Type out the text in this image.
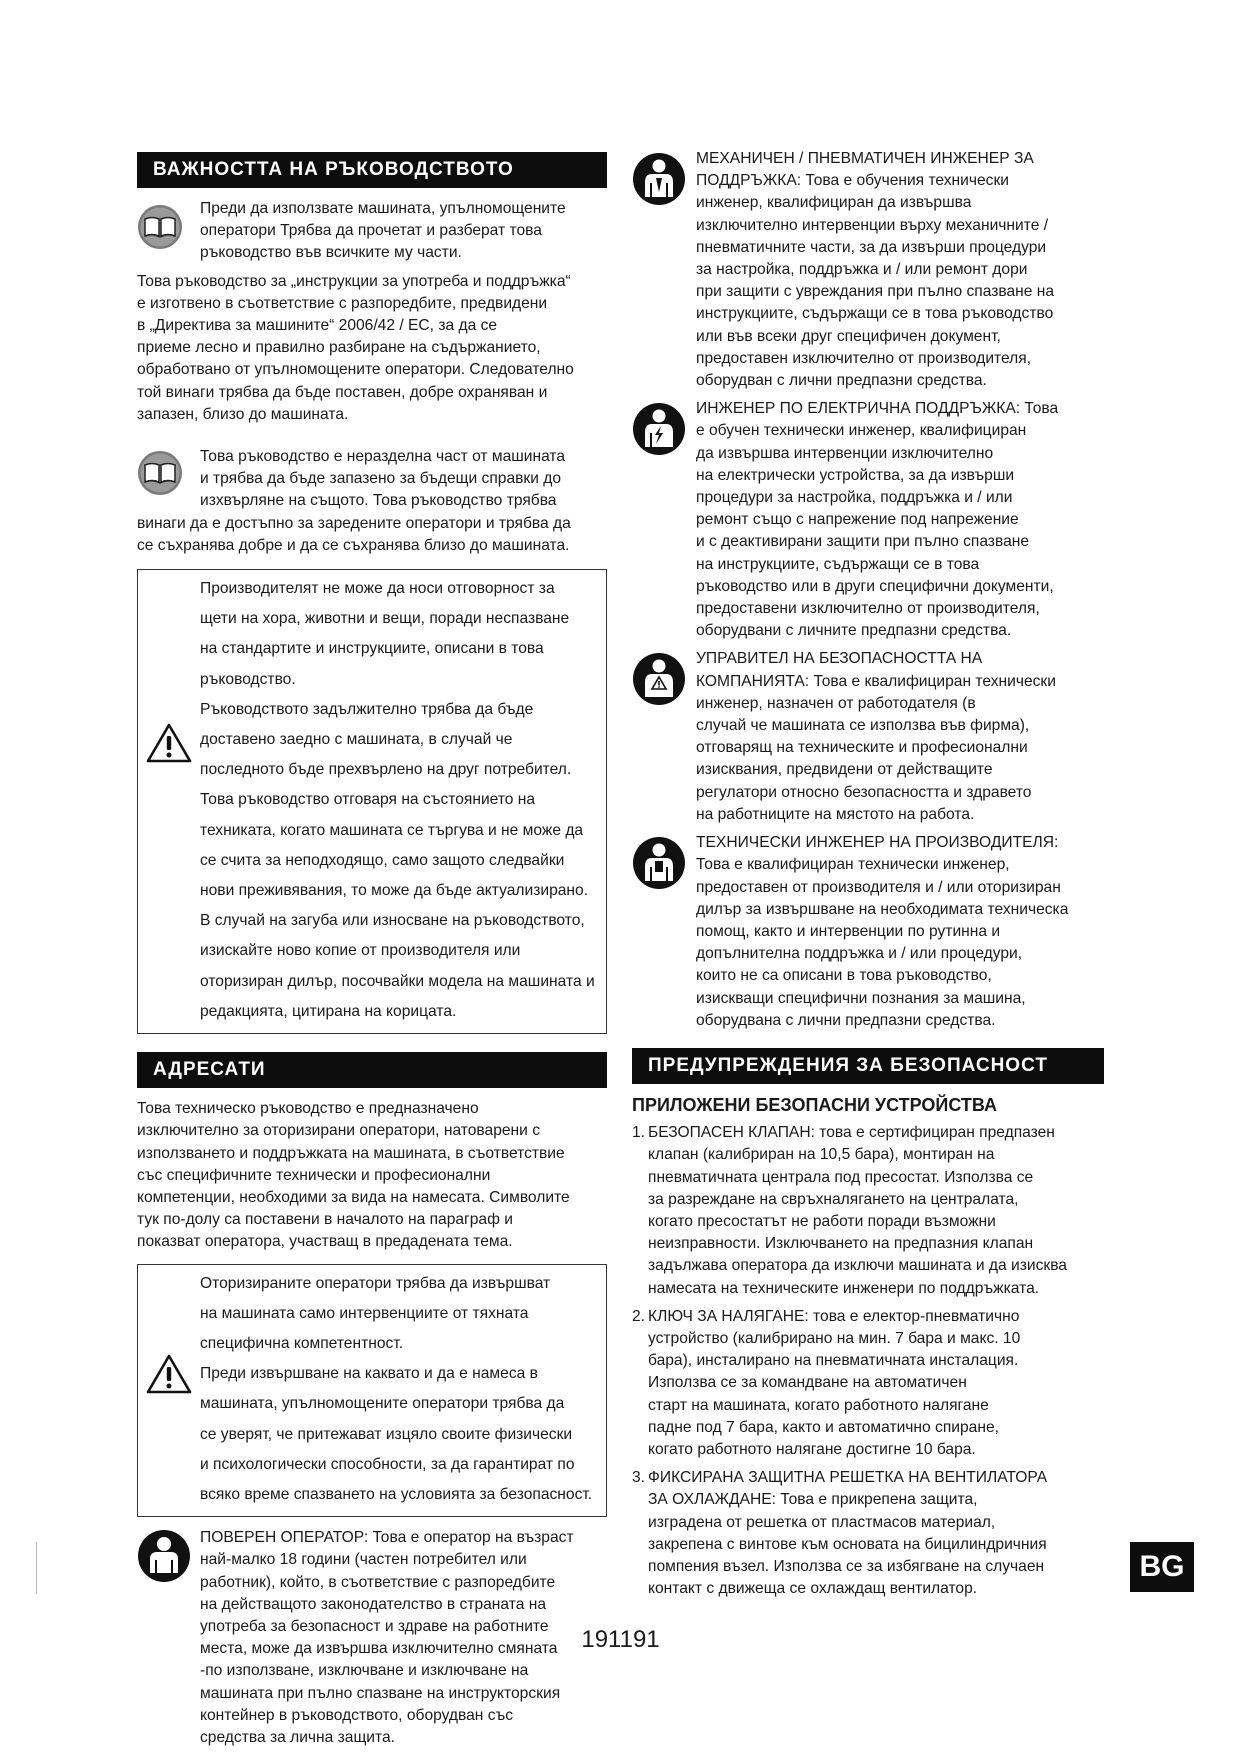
ВАЖНОСТТА НА РЪКОВОДСТВОТО

Преди да използвате машината, упълномощените

оператори Трябва да прочетат и разберат това

ръководство във всичките му части.

Това ръководство за „инструкции за употреба и поддръжка“

е изготвено в съответствие с разпоредбите, предвидени

в „Директива за машините“ 2006/42 / ЕС, за да се

приеме лесно и правилно разбиране на съдържанието,

обработвано от упълномощените оператори. Следователно

той винаги трябва да бъде поставен, добре охраняван и

запазен, близо до машината.

Това ръководство е неразделна част от машината

и трябва да бъде запазено за бъдещи справки до

изхвърляне на същото. Това ръководство трябва

винаги да е достъпно за заредените оператори и трябва да

се съхранява добре и да се съхранява близо до машината.

Производителят не може да носи отговорност за

щети на хора, животни и вещи, поради неспазване

на стандартите и инструкциите, описани в това

ръководство.

Ръководството задължително трябва да бъде

доставено заедно с машината, в случай че

последното бъде прехвърлено на друг потребител.

Това ръководство отговаря на състоянието на

техниката, когато машината се търгува и не може да

се счита за неподходящо, само защото следвайки

нови преживявания, то може да бъде актуализирано.

В случай на загуба или износване на ръководството,

изискайте ново копие от производителя или

оторизиран дилър, посочвайки модела на машината и

редакцията, цитирана на корицата.

АДРЕСАТИ

Това техническо ръководство е предназначено

изключително за оторизирани оператори, натоварени с

използването и поддръжката на машината, в съответствие

със специфичните технически и професионални

компетенции, необходими за вида на намесата. Символите

тук по-долу са поставени в началото на параграф и

показват оператора, участващ в предадената тема.

Оторизираните оператори трябва да извършват

на машината само интервенциите от тяхната

специфична компетентност.

Преди извършване на каквато и да е намеса в

машината, упълномощените оператори трябва да

се уверят, че притежават изцяло своите физически

и психологически способности, за да гарантират по

всяко време спазването на условията за безопасност.

ПОВЕРЕН ОПЕРАТОР: Това е оператор на възраст

най-малко 18 години (частен потребител или

работник), който, в съответствие с разпоредбите

на действащото законодателство в страната на

употреба за безопасност и здраве на работните

места, може да извършва изключително смяната

-по използване, изключване и изключване на

машината при пълно спазване на инструкторския

контейнер в ръководството, оборудван със

средства за лична защита.

МЕХАНИЧЕН / ПНЕВМАТИЧЕН ИНЖЕНЕР ЗА

ПОДДРЪЖКА: Това е обучения технически

инженер, квалифициран да извършва

изключително интервенции върху механичните /

пневматичните части, за да извърши процедури

за настройка, поддръжка и / или ремонт дори

при защити с увреждания при пълно спазване на

инструкциите, съдържащи се в това ръководство

или във всеки друг специфичен документ,

предоставен изключително от производителя,

оборудван с лични предпазни средства.

ИНЖЕНЕР ПО ЕЛЕКТРИЧНА ПОДДРЪЖКА: Това

е обучен технически инженер, квалифициран

да извършва интервенции изключително

на електрически устройства, за да извърши

процедури за настройка, поддръжка и / или

ремонт също с напрежение под напрежение

и с деактивирани защити при пълно спазване

на инструкциите, съдържащи се в това

ръководство или в други специфични документи,

предоставени изключително от производителя,

оборудвани с личните предпазни средства.

УПРАВИТЕЛ НА БЕЗОПАСНОСТТА НА

КОМПАНИЯТА: Това е квалифициран технически

инженер, назначен от работодателя (в

случай че машината се използва във фирма),

отговарящ на техническите и професионални

изисквания, предвидени от действащите

регулатори относно безопасността и здравето

на работниците на мястото на работа.

ТЕХНИЧЕСКИ ИНЖЕНЕР НА ПРОИЗВОДИТЕЛЯ:

Това е квалифициран технически инженер,

предоставен от производителя и / или оторизиран

дилър за извършване на необходимата техническа

помощ, както и интервенции по рутинна и

допълнителна поддръжка и / или процедури,

които не са описани в това ръководство,

изискващи специфични познания за машина,

оборудвана с лични предпазни средства.

ПРЕДУПРЕЖДЕНИЯ ЗА БЕЗОПАСНОСТ
ПРИЛОЖЕНИ БЕЗОПАСНИ УСТРОЙСТВА
1. БЕЗОПАСЕН КЛАПАН: това е сертифициран предпазен

клапан (калибриран на 10,5 бара), монтиран на

пневматичната централа под пресостат. Използва се

за разреждане на свръхналягането на централата,

когато пресостатът не работи поради възможни

неизправности. Изключването на предпазния клапан

задължава оператора да изключи машината и да изисква

намесата на техническите инженери по поддръжката.

2. КЛЮЧ ЗА НАЛЯГАНЕ: това е електор-пневматично

устройство (калибрирано на мин. 7 бара и макс. 10

бара), инсталирано на пневматичната инсталация.

Използва се за командване на автоматичен

старт на машината, когато работното налягане

падне под 7 бара, както и автоматично спиране,

когато работното налягане достигне 10 бара.

3. ФИКСИРАНА ЗАЩИТНА РЕШЕТКА НА ВЕНТИЛАТОРА

ЗА ОХЛАЖДАНЕ: Това е прикрепена защита,

изградена от решетка от пластмасов материал,

закрепена с винтове към основата на бицилиндричния

помпения възел. Използва се за избягване на случаен

контакт с движеща се охлаждащ вентилатор.

BG
191191
